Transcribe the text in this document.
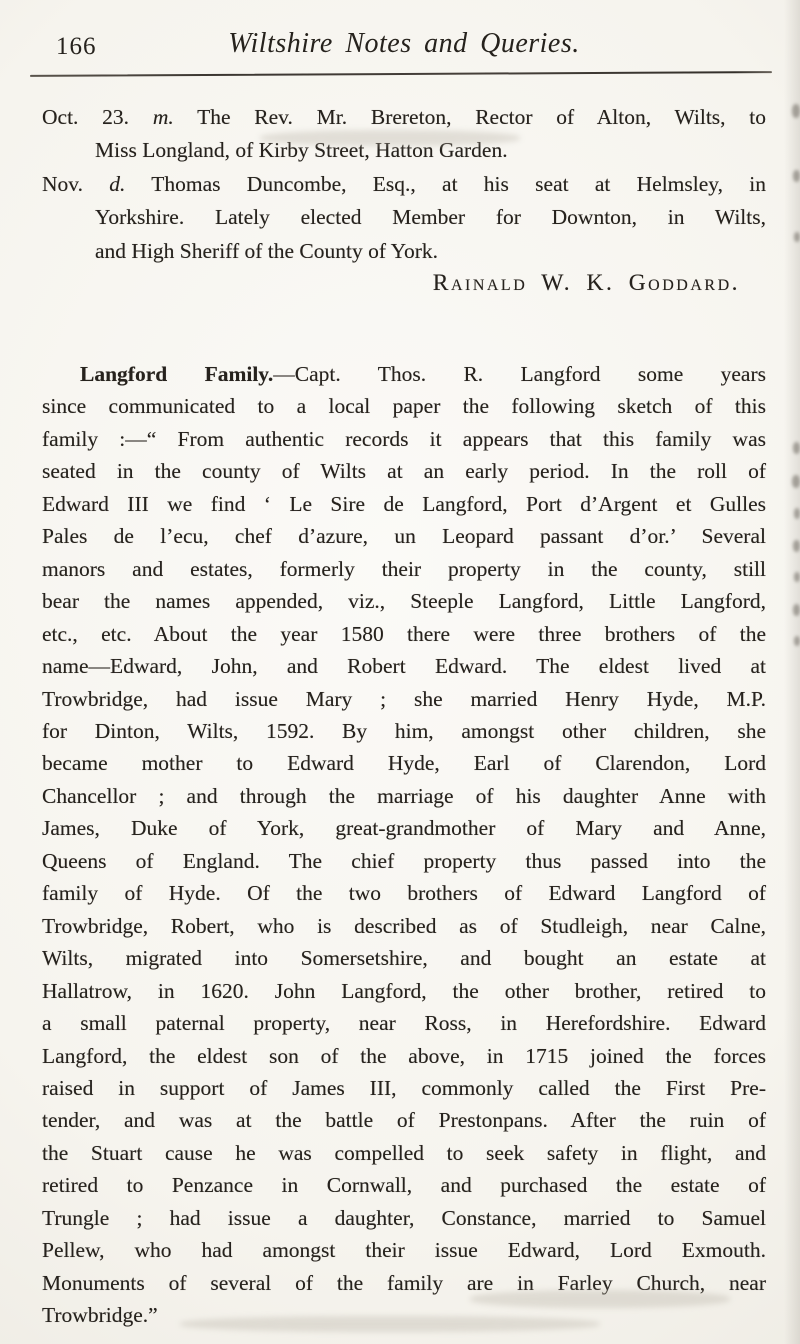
166	Wiltshire Notes and Queries.
Oct. 23. m. The Rev. Mr. Brereton, Rector of Alton, Wilts, to
Miss Longland, of Kirby Street, Hatton Garden.
Nov. d. Thomas Duncombe, Esq., at his seat at Helmsley, in
Yorkshire. Lately elected Member for Downton, in Wilts,
and High Sheriff of the County of York.
Rainald W. K. Goddard.
Langford Family.—Capt. Thos. R. Langford some years
since communicated to a local paper the following sketch of this
family :—“ From authentic records it appears that this family was
seated in the county of Wilts at an early period. In the roll of
Edward III we find ‘ Le Sire de Langford, Port d’Argent et Gulles
Pales de l’ecu, chef d’azure, un Leopard passant d’or.’ Several
manors and estates, formerly their property in the county, still
bear the names appended, viz., Steeple Langford, Little Langford,
etc., etc. About the year 1580 there were three brothers of the
name—Edward, John, and Robert Edward. The eldest lived at
Trowbridge, had issue Mary ; she married Henry Hyde, M.P.
for Dinton, Wilts, 1592. By him, amongst other children, she
became mother to Edward Hyde, Earl of Clarendon, Lord
Chancellor ; and through the marriage of his daughter Anne with
James, Duke of York, great-grandmother of Mary and Anne,
Queens of England. The chief property thus passed into the
family of Hyde. Of the two brothers of Edward Langford of
Trowbridge, Robert, who is described as of Studleigh, near Calne,
Wilts, migrated into Somersetshire, and bought an estate at
Hallatrow, in 1620. John Langford, the other brother, retired to
a small paternal property, near Ross, in Herefordshire. Edward
Langford, the eldest son of the above, in 1715 joined the forces
raised in support of James III, commonly called the First Pre-
tender, and was at the battle of Prestonpans. After the ruin of
the Stuart cause he was compelled to seek safety in flight, and
retired to Penzance in Cornwall, and purchased the estate of
Trungle ; had issue a daughter, Constance, married to Samuel
Pellew, who had amongst their issue Edward, Lord Exmouth.
Monuments of several of the family are in Farley Church, near
Trowbridge.”
